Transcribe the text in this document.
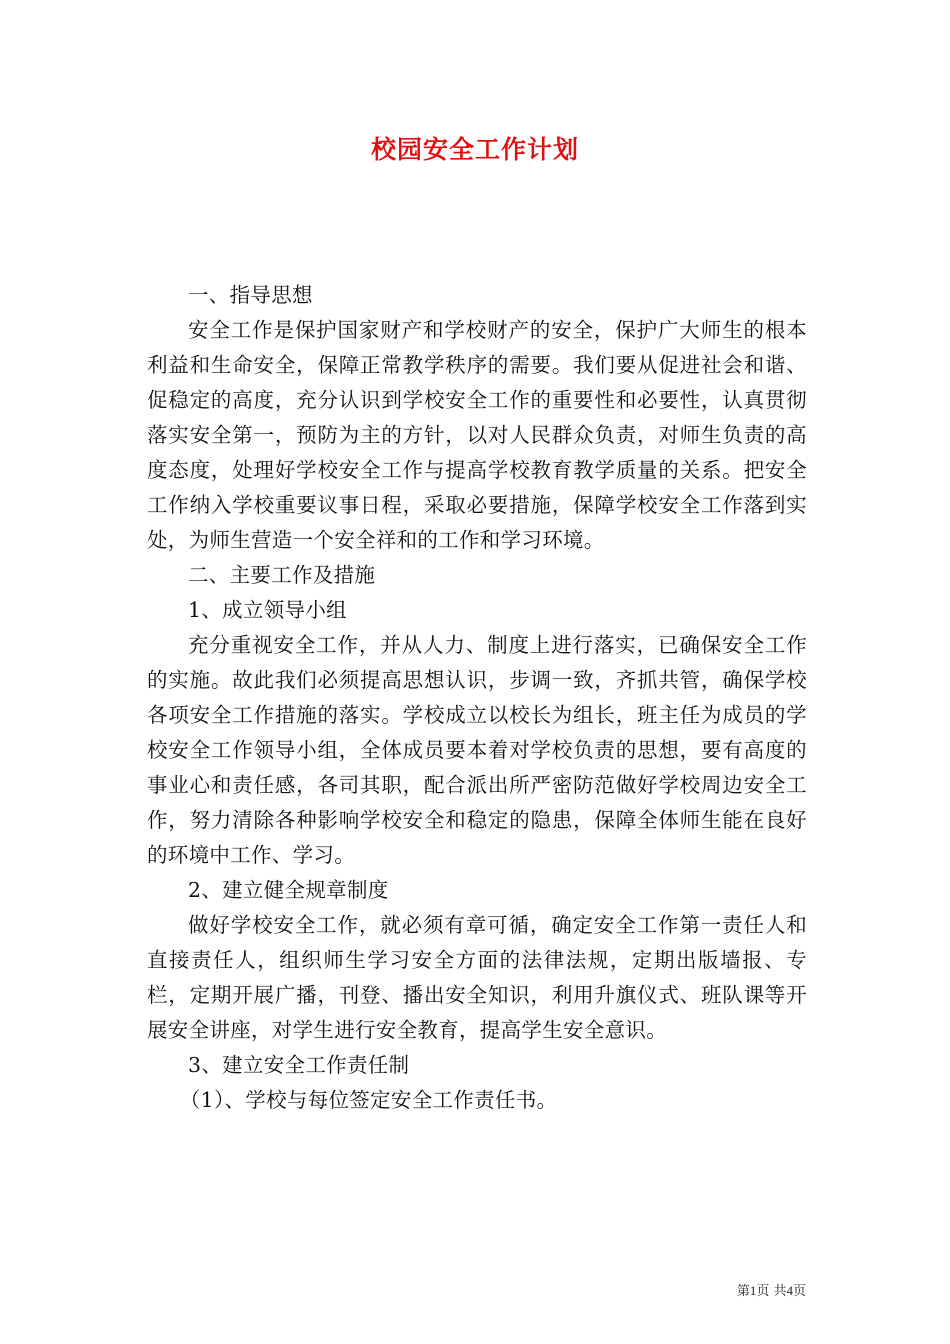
校园安全工作计划

一、指导思想

安全工作是保护国家财产和学校财产的安全，保护广大师生的根本利益和生命安全，保障正常教学秩序的需要。我们要从促进社会和谐、促稳定的高度，充分认识到学校安全工作的重要性和必要性，认真贯彻落实安全第一，预防为主的方针，以对人民群众负责，对师生负责的高度态度，处理好学校安全工作与提高学校教育教学质量的关系。把安全工作纳入学校重要议事日程，采取必要措施，保障学校安全工作落到实处，为师生营造一个安全祥和的工作和学习环境。

二、主要工作及措施

1、成立领导小组

充分重视安全工作，并从人力、制度上进行落实，已确保安全工作的实施。故此我们必须提高思想认识，步调一致，齐抓共管，确保学校各项安全工作措施的落实。学校成立以校长为组长，班主任为成员的学校安全工作领导小组，全体成员要本着对学校负责的思想，要有高度的事业心和责任感，各司其职，配合派出所严密防范做好学校周边安全工作，努力清除各种影响学校安全和稳定的隐患，保障全体师生能在良好的环境中工作、学习。

2、建立健全规章制度

做好学校安全工作，就必须有章可循，确定安全工作第一责任人和直接责任人，组织师生学习安全方面的法律法规，定期出版墙报、专栏，定期开展广播，刊登、播出安全知识，利用升旗仪式、班队课等开展安全讲座，对学生进行安全教育，提高学生安全意识。

3、建立安全工作责任制

（1）、学校与每位签定安全工作责任书。

第1页 共4页
